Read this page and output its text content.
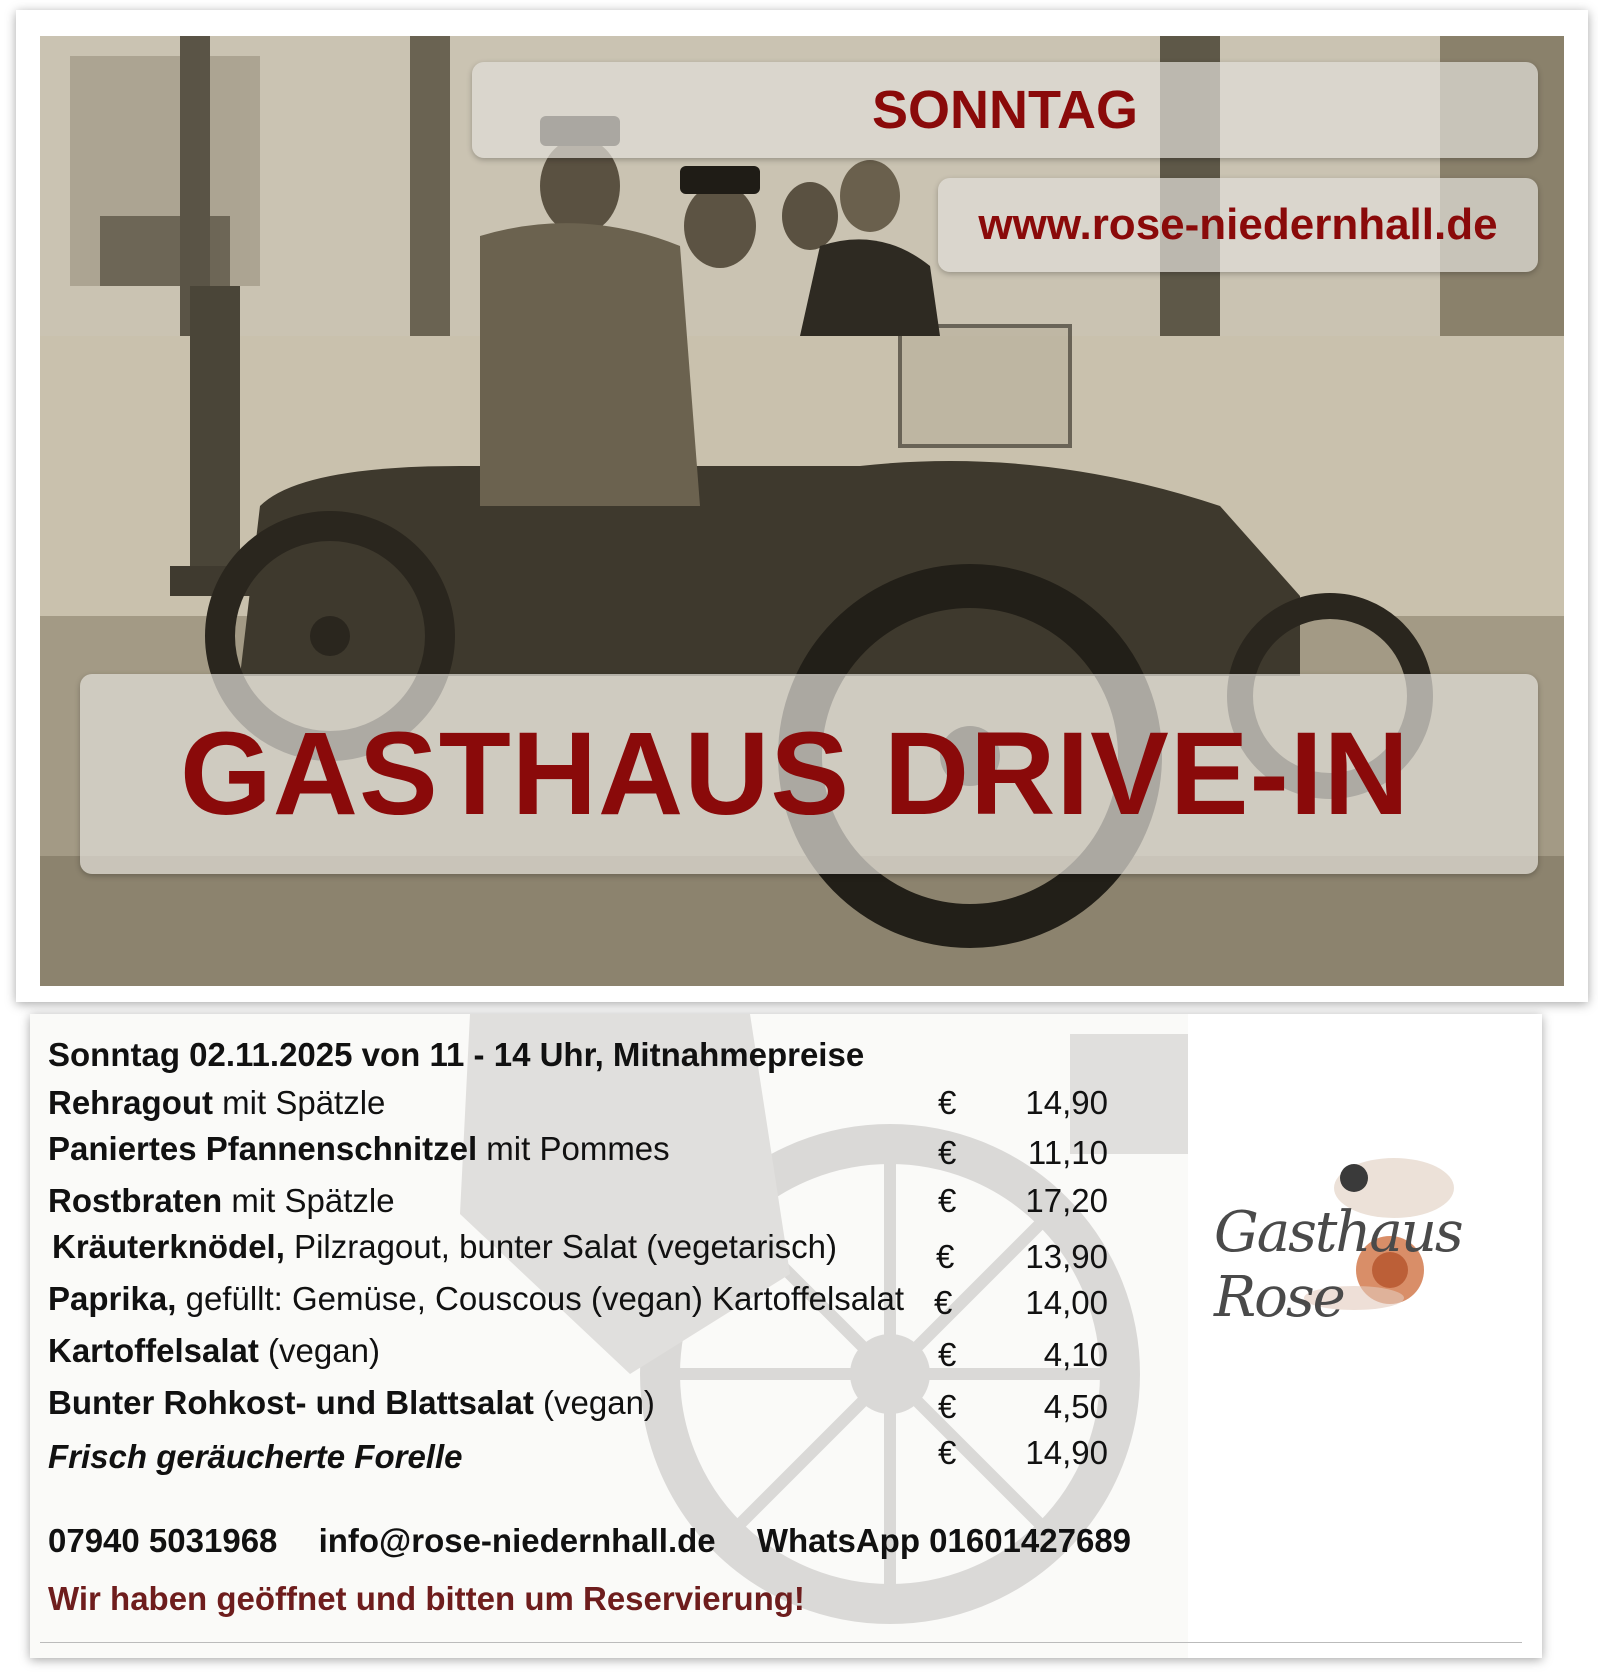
SONNTAG
www.rose-niedernhall.de
GASTHAUS DRIVE-IN
Sonntag 02.11.2025 von 11 - 14 Uhr, Mitnahmepreise
Rehragout mit Spätzle	€	14,90
Paniertes Pfannenschnitzel mit Pommes	€	11,10
Rostbraten mit Spätzle	€	17,20
Kräuterknödel, Pilzragout, bunter Salat (vegetarisch)	€	13,90
Paprika, gefüllt: Gemüse, Couscous (vegan) Kartoffelsalat €	14,00
Kartoffelsalat (vegan)	€	4,10
Bunter Rohkost- und Blattsalat (vegan)	€	4,50
Frisch geräucherte Forelle	€	14,90
07940 5031968 info@rose-niedernhall.de WhatsApp 01601427689
Wir haben geöffnet und bitten um Reservierung!
Gasthaus Rose
